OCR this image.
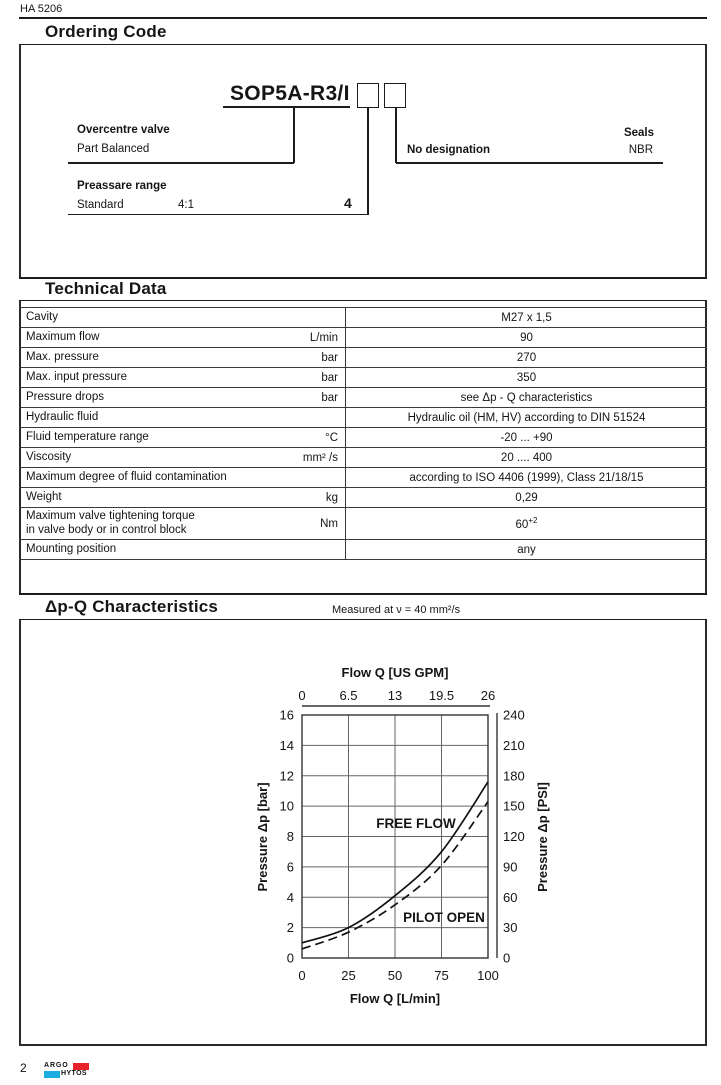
HA 5206
Ordering Code
SOP5A-R3/I
Overcentre valve
Part Balanced
Preassare range
Standard	4:1	4
Seals
No designation	NBR
Technical Data
Cavity	M27 x 1,5

Maximum flow L/min	90

Max. pressure bar	270

Max. input pressure bar	350

Pressure drops bar	see Δp - Q characteristics

Hydraulic fluid	Hydraulic oil (HM, HV) according to DIN 51524

Fluid temperature range °C	-20 ... +90

Viscosity mm² /s	20 .... 400

Maximum degree of fluid contamination	according to ISO 4406 (1999), Class 21/18/15

Weight kg	0,29

Maximum valve tightening torque
in valve body or in control block Nm	$60^{+2}$

Mounting position	any
Δp-Q Characteristics	Measured at ν = 40 mm²/s
0	6.5 13 19.5 26
0	25 50 75 100
16
14
12
10
8
6
4
2
0
240
210
180
150
120
90
60
30
0
Flow Q [US GPM]
Flow Q [L/min]
Pressure Δp [bar]	Pressure Δp [PSI]
FREE FLOW
PILOT OPEN
2 ARGO
HYTOS
